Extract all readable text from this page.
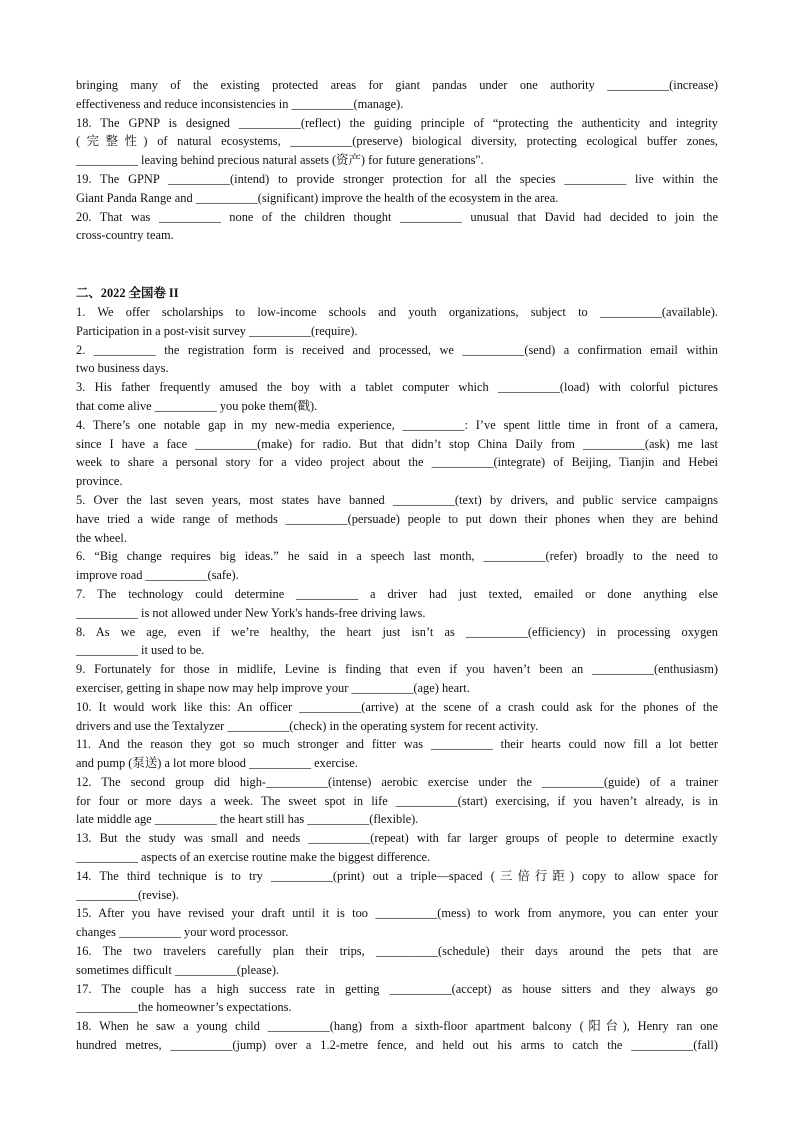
bringing many of the existing protected areas for giant pandas under one authority __________(increase)
effectiveness and reduce inconsistencies in __________(manage).
18. The GPNP is designed __________(reflect) the guiding principle of “protecting the authenticity and integrity
(完整性) of natural ecosystems, __________(preserve) biological diversity, protecting ecological buffer zones,
__________ leaving behind precious natural assets (资产) for future generations".
19. The GPNP __________(intend) to provide stronger protection for all the species __________ live within the
Giant Panda Range and __________(significant) improve the health of the ecosystem in the area.
20. That was __________ none of the children thought __________ unusual that David had decided to join the
cross-country team.
二、2022 全国卷 II
1. We offer scholarships to low-income schools and youth organizations, subject to __________(available).
Participation in a post-visit survey __________(require).
2. __________ the registration form is received and processed, we __________(send) a confirmation email within
two business days.
3. His father frequently amused the boy with a tablet computer which __________(load) with colorful pictures
that come alive __________ you poke them(戳).
4. There’s one notable gap in my new-media experience, __________: I’ve spent little time in front of a camera,
since I have a face __________(make) for radio. But that didn’t stop China Daily from __________(ask) me last
week to share a personal story for a video project about the __________(integrate) of Beijing, Tianjin and Hebei
province.
5. Over the last seven years, most states have banned __________(text) by drivers, and public service campaigns
have tried a wide range of methods __________(persuade) people to put down their phones when they are behind
the wheel.
6. “Big change requires big ideas.” he said in a speech last month, __________(refer) broadly to the need to
improve road __________(safe).
7. The technology could determine __________ a driver had just texted, emailed or done anything else
__________ is not allowed under New York's hands-free driving laws.
8. As we age, even if we’re healthy, the heart just isn’t as __________(efficiency) in processing oxygen
__________ it used to be.
9. Fortunately for those in midlife, Levine is finding that even if you haven’t been an __________(enthusiasm)
exerciser, getting in shape now may help improve your __________(age) heart.
10. It would work like this: An officer __________(arrive) at the scene of a crash could ask for the phones of the
drivers and use the Textalyzer __________(check) in the operating system for recent activity.
11. And the reason they got so much stronger and fitter was __________ their hearts could now fill a lot better
and pump (泵送) a lot more blood __________ exercise.
12. The second group did high-__________(intense) aerobic exercise under the __________(guide) of a trainer
for four or more days a week. The sweet spot in life __________(start) exercising, if you haven’t already, is in
late middle age __________ the heart still has __________(flexible).
13. But the study was small and needs __________(repeat) with far larger groups of people to determine exactly
__________ aspects of an exercise routine make the biggest difference.
14. The third technique is to try __________(print) out a triple—spaced (三倍行距) copy to allow space for
__________(revise).
15. After you have revised your draft until it is too __________(mess) to work from anymore, you can enter your
changes __________ your word processor.
16. The two travelers carefully plan their trips, __________(schedule) their days around the pets that are
sometimes difficult __________(please).
17. The couple has a high success rate in getting __________(accept) as house sitters and they always go
__________the homeowner’s expectations.
18. When he saw a young child __________(hang) from a sixth-floor apartment balcony (阳台), Henry ran one
hundred metres, __________(jump) over a 1.2-metre fence, and held out his arms to catch the __________(fall)
